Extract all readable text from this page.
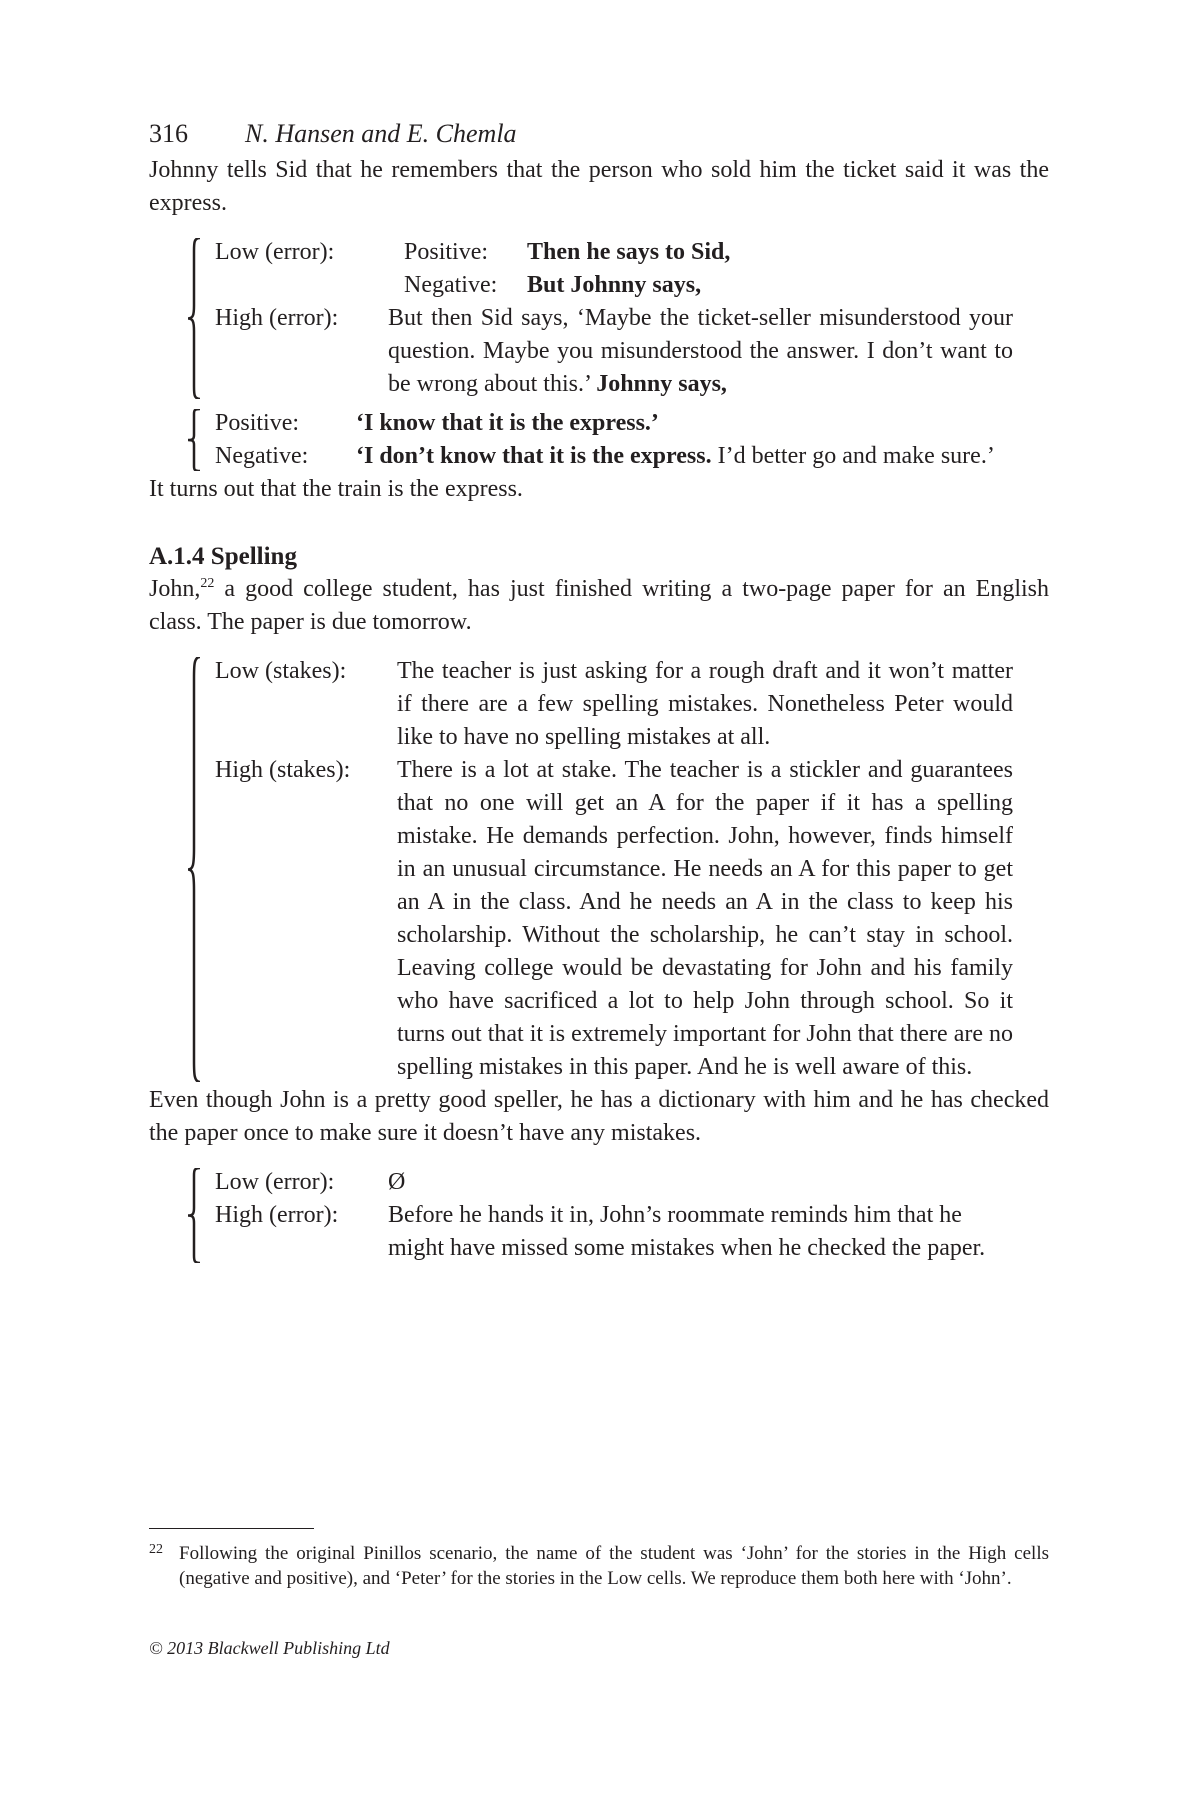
316 N. Hansen and E. Chemla

Johnny tells Sid that he remembers that the person who sold him the ticket said it was the express.

Low (error):	Positive:	Then he says to Sid,
Negative:	But Johnny says,
High (error):	But then Sid says, ‘Maybe the ticket-seller misunderstood your question. Maybe you misunderstood the answer. I don’t want to be wrong about this.’ Johnny says,
Positive:	‘I know that it is the express.’
Negative:	‘I don’t know that it is the express. I’d better go and make sure.’

It turns out that the train is the express.

A.1.4 Spelling

John,$^{22}$ a good college student, has just finished writing a two-page paper for an English class. The paper is due tomorrow.

Low (stakes):	The teacher is just asking for a rough draft and it won’t matter if there are a few spelling mistakes. Nonetheless Peter would like to have no spelling mistakes at all.
High (stakes):	There is a lot at stake. The teacher is a stickler and guarantees that no one will get an A for the paper if it has a spelling mistake. He demands perfection. John, however, finds himself in an unusual circumstance. He needs an A for this paper to get an A in the class. And he needs an A in the class to keep his scholarship. Without the scholarship, he can’t stay in school. Leaving college would be devastating for John and his family who have sacrificed a lot to help John through school. So it turns out that it is extremely important for John that there are no spelling mistakes in this paper. And he is well aware of this.

Even though John is a pretty good speller, he has a dictionary with him and he has checked the paper once to make sure it doesn’t have any mistakes.

Low (error):	Ø
High (error):	Before he hands it in, John’s roommate reminds him that he might have missed some mistakes when he checked the paper.
22 Following the original Pinillos scenario, the name of the student was ‘John’ for the stories in the High cells (negative and positive), and ‘Peter’ for the stories in the Low cells. We reproduce them both here with ‘John’.
© 2013 Blackwell Publishing Ltd
